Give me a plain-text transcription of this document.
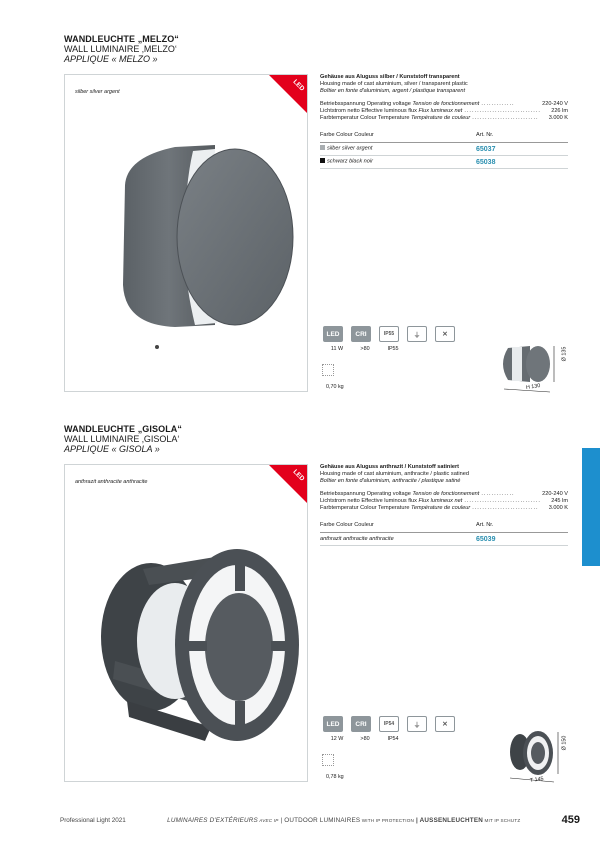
WANDLEUCHTE „MELZO“
WALL LUMINAIRE ‚MELZO‘
APPLIQUE « MELZO »
silber silver argent	LED
Gehäuse aus Aluguss silber / Kunststoff transparent
Housing made of cast aluminium, silver / transparent plastic
Boîtier en fonte d'aluminium, argent / plastique transparent
Betriebsspannung Operating voltage Tension de fonctionnement .............	220-240 V
Lichtstrom netto Effective luminous flux Flux lumineux net ..............................	226 lm
Farbtemperatur Colour Temperature Température de couleur ..........................	3.000 K
Farbe Colour Couleur	Art. Nr.
silber silver argent	65037
schwarz black noir	65038
LED	CRI	IP55	⏚	✕
11 W	>80	IP55
0,70 kg
Ø 135
H 130
WANDLEUCHTE „GISOLA“
WALL LUMINAIRE ‚GISOLA‘
APPLIQUE « GISOLA »
anthrazit anthracite anthracite	LED
Gehäuse aus Aluguss anthrazit / Kunststoff satiniert
Housing made of cast aluminium, anthracite / plastic satined
Boîtier en fonte d'aluminium, anthracite / plastique satiné
Betriebsspannung Operating voltage Tension de fonctionnement .............	220-240 V
Lichtstrom netto Effective luminous flux Flux lumineux net ..............................	245 lm
Farbtemperatur Colour Temperature Température de couleur ..........................	3.000 K
Farbe Colour Couleur	Art. Nr.
anthrazit anthracite anthracite	65039
LED	CRI	IP54	⏚	✕
12 W	>80	IP54
0,78 kg
Ø 150
T 145
Professional Light 2021	LUMINAIRES D'EXTÉRIEURS AVEC IP | OUTDOOR LUMINAIRES WITH IP PROTECTION | AUSSENLEUCHTEN MIT IP SCHUTZ	459
